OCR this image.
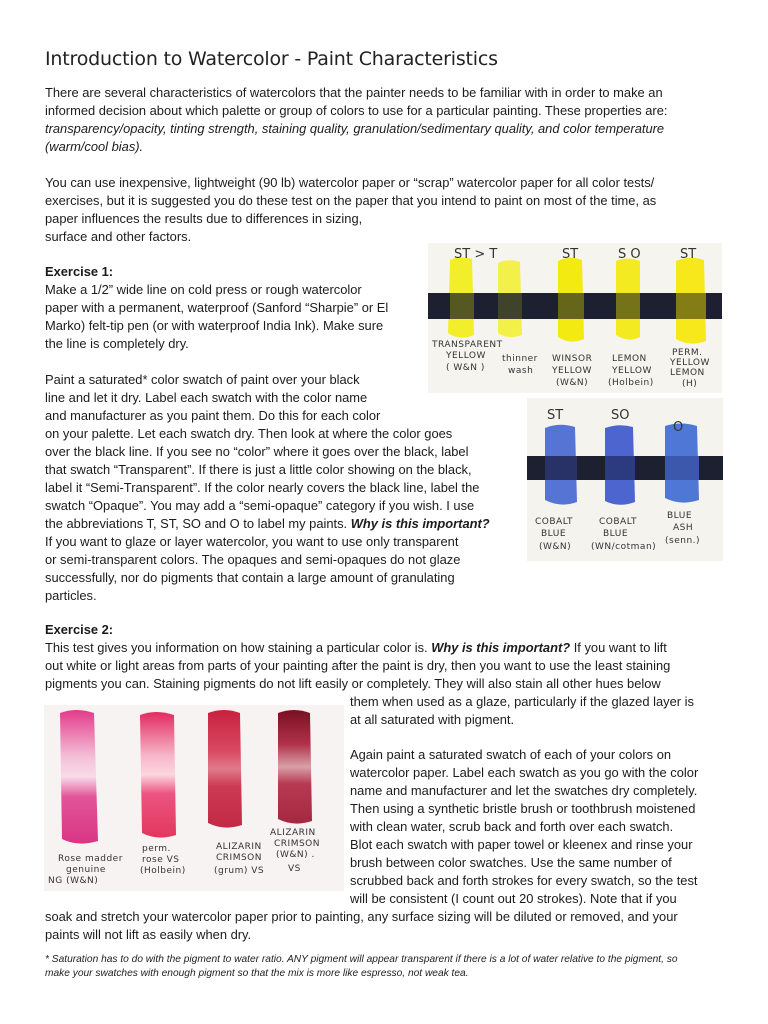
Introduction to Watercolor - Paint Characteristics
There are several characteristics of watercolors that the painter needs to be familiar with in order to make an
informed decision about which palette or group of colors to use for a particular painting. These properties are:
transparency/opacity, tinting strength, staining quality, granulation/sedimentary quality, and color temperature
(warm/cool bias).
You can use inexpensive, lightweight (90 lb) watercolor paper or “scrap” watercolor paper for all color tests/
exercises, but it is suggested you do these test on the paper that you intend to paint on most of the time, as
paper influences the results due to differences in sizing,
surface and other factors.
Exercise 1:
Make a 1/2” wide line on cold press or rough watercolor
paper with a permanent, waterproof (Sanford “Sharpie” or El
Marko) felt-tip pen (or with waterproof India Ink). Make sure
the line is completely dry.
Paint a saturated* color swatch of paint over your black
line and let it dry. Label each swatch with the color name
and manufacturer as you paint them. Do this for each color
on your palette. Let each swatch dry. Then look at where the color goes
over the black line. If you see no “color” where it goes over the black, label
that swatch “Transparent”. If there is just a little color showing on the black,
label it “Semi-Transparent”. If the color nearly covers the black line, label the
swatch “Opaque”. You may add a “semi-opaque” category if you wish. I use
the abbreviations T, ST, SO and O to label my paints. Why is this important?
If you want to glaze or layer watercolor, you want to use only transparent
or semi-transparent colors. The opaques and semi-opaques do not glaze
successfully, nor do pigments that contain a large amount of granulating
particles.
Exercise 2:
This test gives you information on how staining a particular color is. Why is this important? If you want to lift
out white or light areas from parts of your painting after the paint is dry, then you want to use the least staining
pigments you can. Staining pigments do not lift easily or completely. They will also stain all other hues below
them when used as a glaze, particularly if the glazed layer is
at all saturated with pigment.
Again paint a saturated swatch of each of your colors on
watercolor paper. Label each swatch as you go with the color
name and manufacturer and let the swatches dry completely.
Then using a synthetic bristle brush or toothbrush moistened
with clean water, scrub back and forth over each swatch.
Blot each swatch with paper towel or kleenex and rinse your
brush between color swatches. Use the same number of
scrubbed back and forth strokes for every swatch, so the test
will be consistent (I count out 20 strokes). Note that if you
soak and stretch your watercolor paper prior to painting, any surface sizing will be diluted or removed, and your
paints will not lift as easily when dry.
* Saturation has to do with the pigment to water ratio. ANY pigment will appear transparent if there is a lot of water relative to the pigment, so
make your swatches with enough pigment so that the mix is more like espresso, not weak tea.
ST > T	ST	S O	ST
TRANSPARENT
YELLOW
( W&N )
thinner
wash
WINSOR
YELLOW
(W&N)
LEMON
YELLOW
(Holbein)
PERM.
YELLOW
LEMON
(H)
ST	SO
O
COBALT
BLUE
(W&N)
COBALT
BLUE
(WN/cotman)
BLUE
ASH
(senn.)
Rose madder
genuine
NG (W&N)
perm.
rose VS
(Holbein)
ALIZARIN
CRIMSON
(grum) VS
ALIZARIN
CRIMSON
(W&N) .
VS
